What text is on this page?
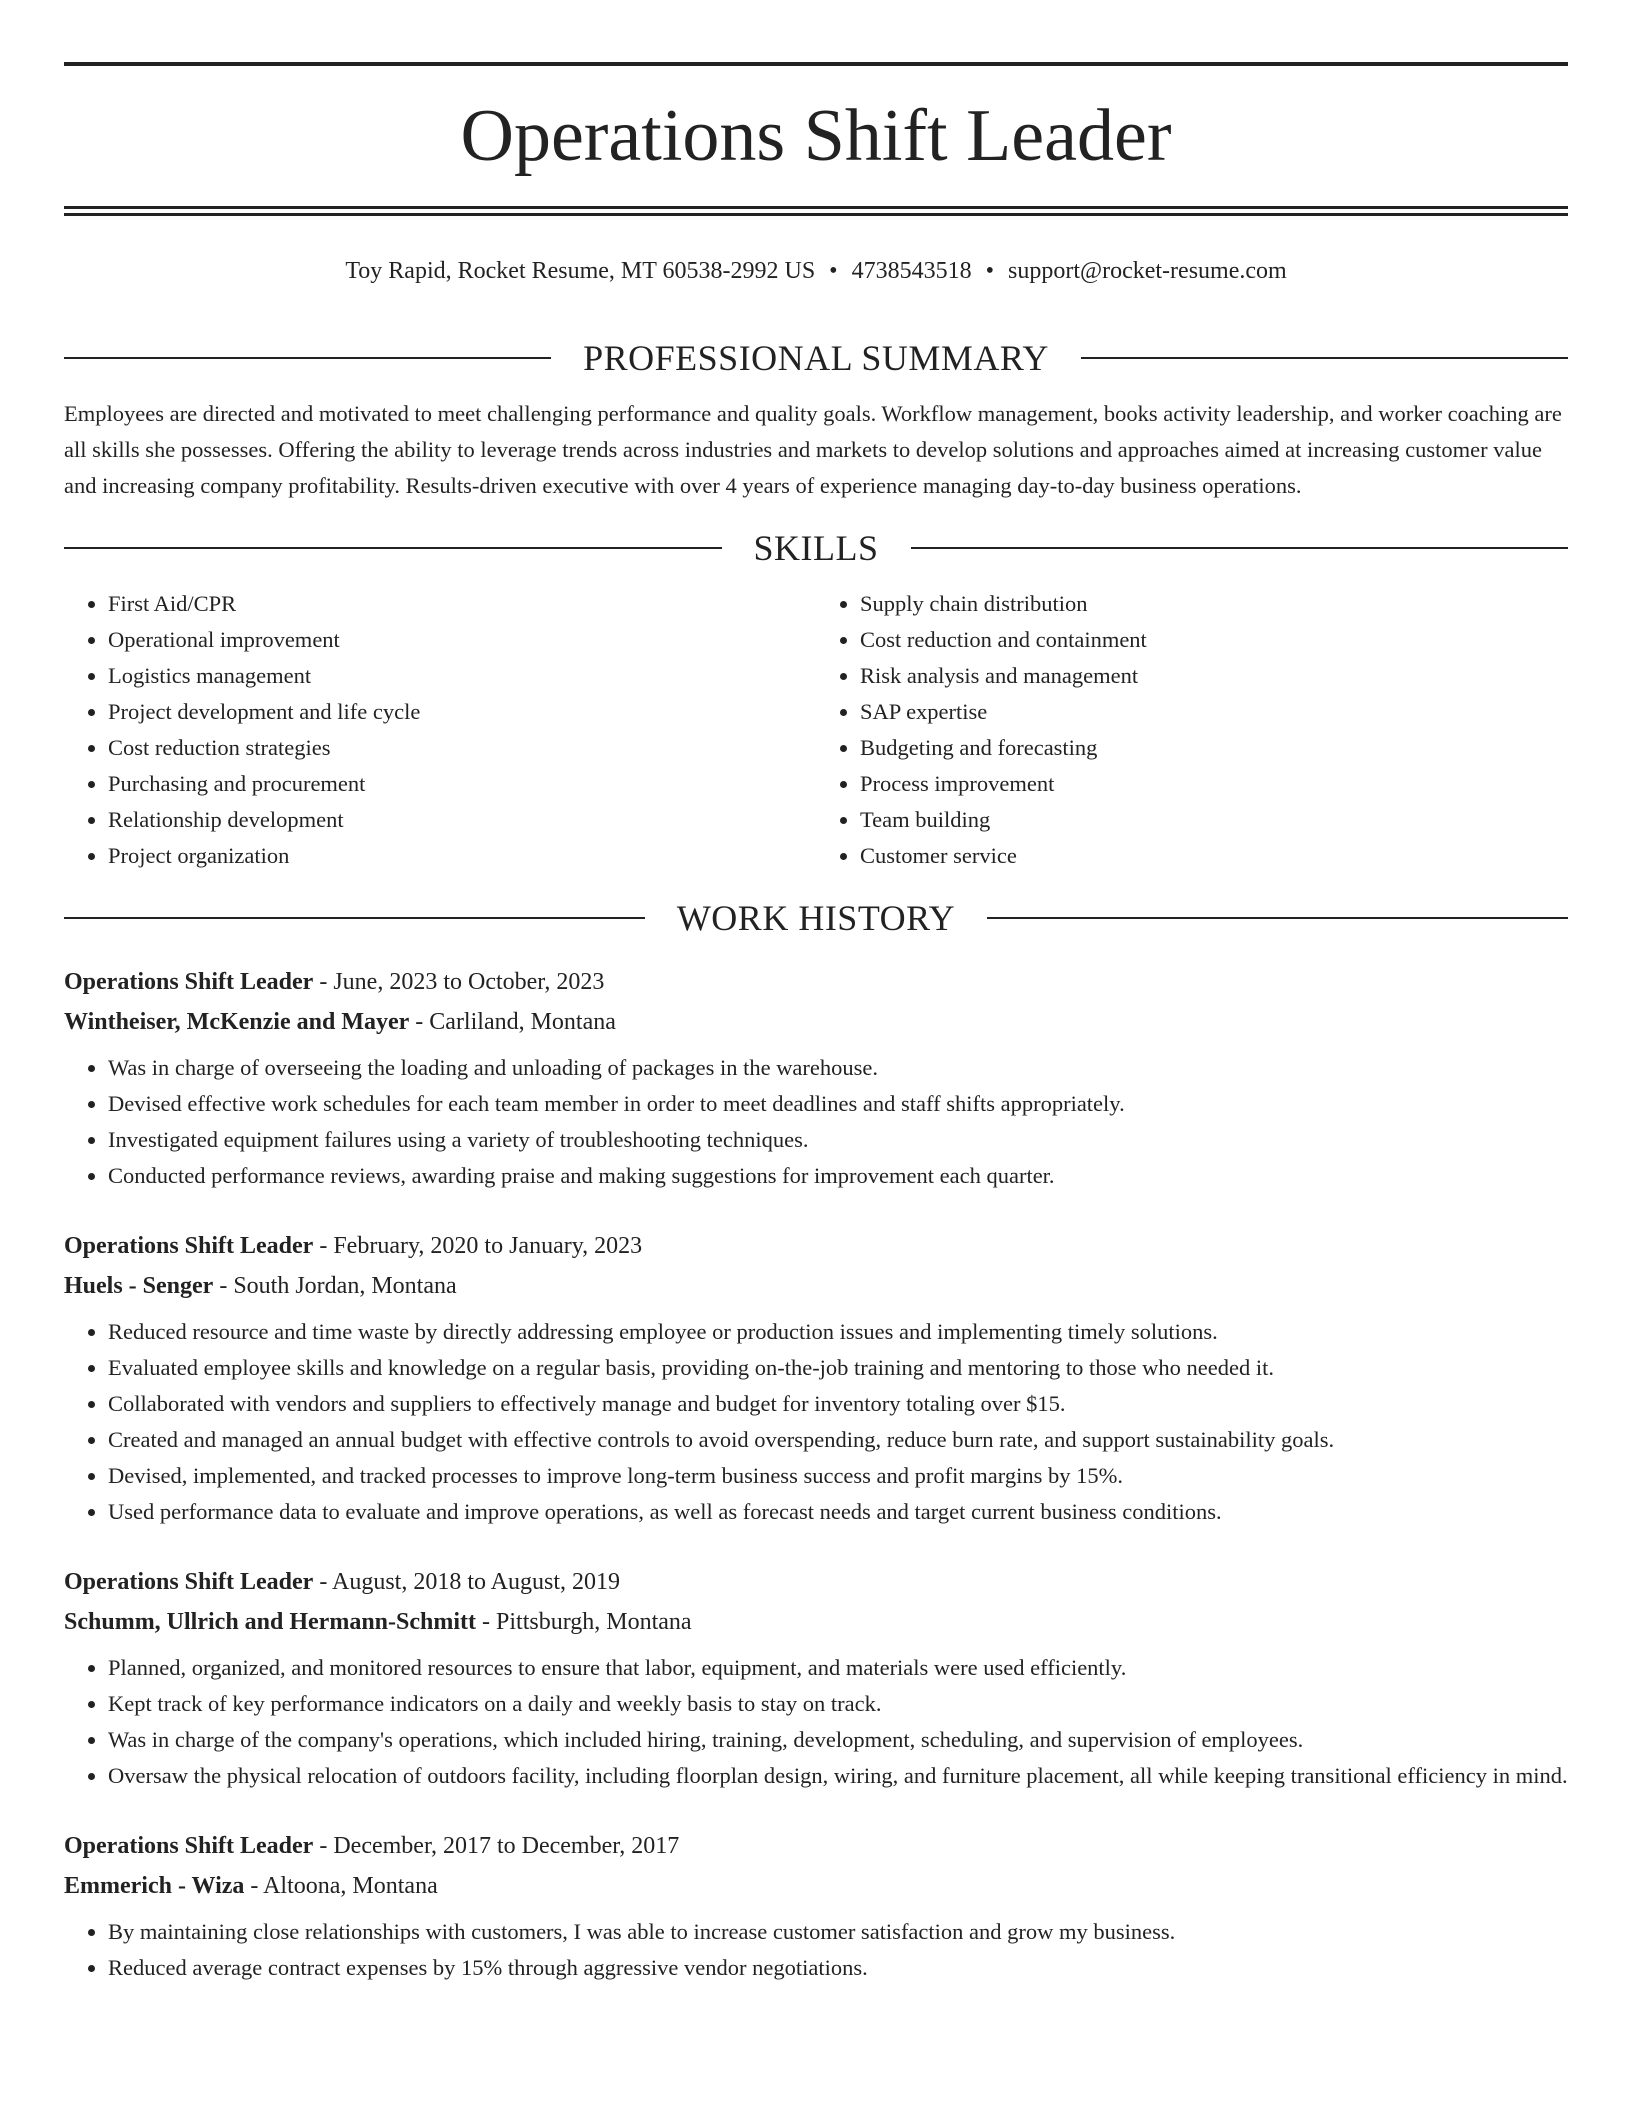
Operations Shift Leader
Toy Rapid, Rocket Resume, MT 60538-2992 US • 4738543518 • support@rocket-resume.com
PROFESSIONAL SUMMARY

Employees are directed and motivated to meet challenging performance and quality goals. Workflow management, books activity leadership, and worker coaching are all skills she possesses. Offering the ability to leverage trends across industries and markets to develop solutions and approaches aimed at increasing customer value and increasing company profitability. Results-driven executive with over 4 years of experience managing day-to-day business operations.

SKILLS
• First Aid/CPR
• Operational improvement
• Logistics management
• Project development and life cycle
• Cost reduction strategies
• Purchasing and procurement
• Relationship development
• Project organization
• Supply chain distribution
• Cost reduction and containment
• Risk analysis and management
• SAP expertise
• Budgeting and forecasting
• Process improvement
• Team building
• Customer service
WORK HISTORY
Operations Shift Leader - June, 2023 to October, 2023
Wintheiser, McKenzie and Mayer - Carliland, Montana
• Was in charge of overseeing the loading and unloading of packages in the warehouse.
• Devised effective work schedules for each team member in order to meet deadlines and staff shifts appropriately.
• Investigated equipment failures using a variety of troubleshooting techniques.
• Conducted performance reviews, awarding praise and making suggestions for improvement each quarter.
Operations Shift Leader - February, 2020 to January, 2023
Huels - Senger - South Jordan, Montana
• Reduced resource and time waste by directly addressing employee or production issues and implementing timely solutions.
• Evaluated employee skills and knowledge on a regular basis, providing on-the-job training and mentoring to those who needed it.
• Collaborated with vendors and suppliers to effectively manage and budget for inventory totaling over $15.
• Created and managed an annual budget with effective controls to avoid overspending, reduce burn rate, and support sustainability goals.
• Devised, implemented, and tracked processes to improve long-term business success and profit margins by 15%.
• Used performance data to evaluate and improve operations, as well as forecast needs and target current business conditions.
Operations Shift Leader - August, 2018 to August, 2019
Schumm, Ullrich and Hermann-Schmitt - Pittsburgh, Montana
• Planned, organized, and monitored resources to ensure that labor, equipment, and materials were used efficiently.
• Kept track of key performance indicators on a daily and weekly basis to stay on track.
• Was in charge of the company's operations, which included hiring, training, development, scheduling, and supervision of employees.
• Oversaw the physical relocation of outdoors facility, including floorplan design, wiring, and furniture placement, all while keeping transitional efficiency in mind.
Operations Shift Leader - December, 2017 to December, 2017
Emmerich - Wiza - Altoona, Montana
• By maintaining close relationships with customers, I was able to increase customer satisfaction and grow my business.
• Reduced average contract expenses by 15% through aggressive vendor negotiations.
